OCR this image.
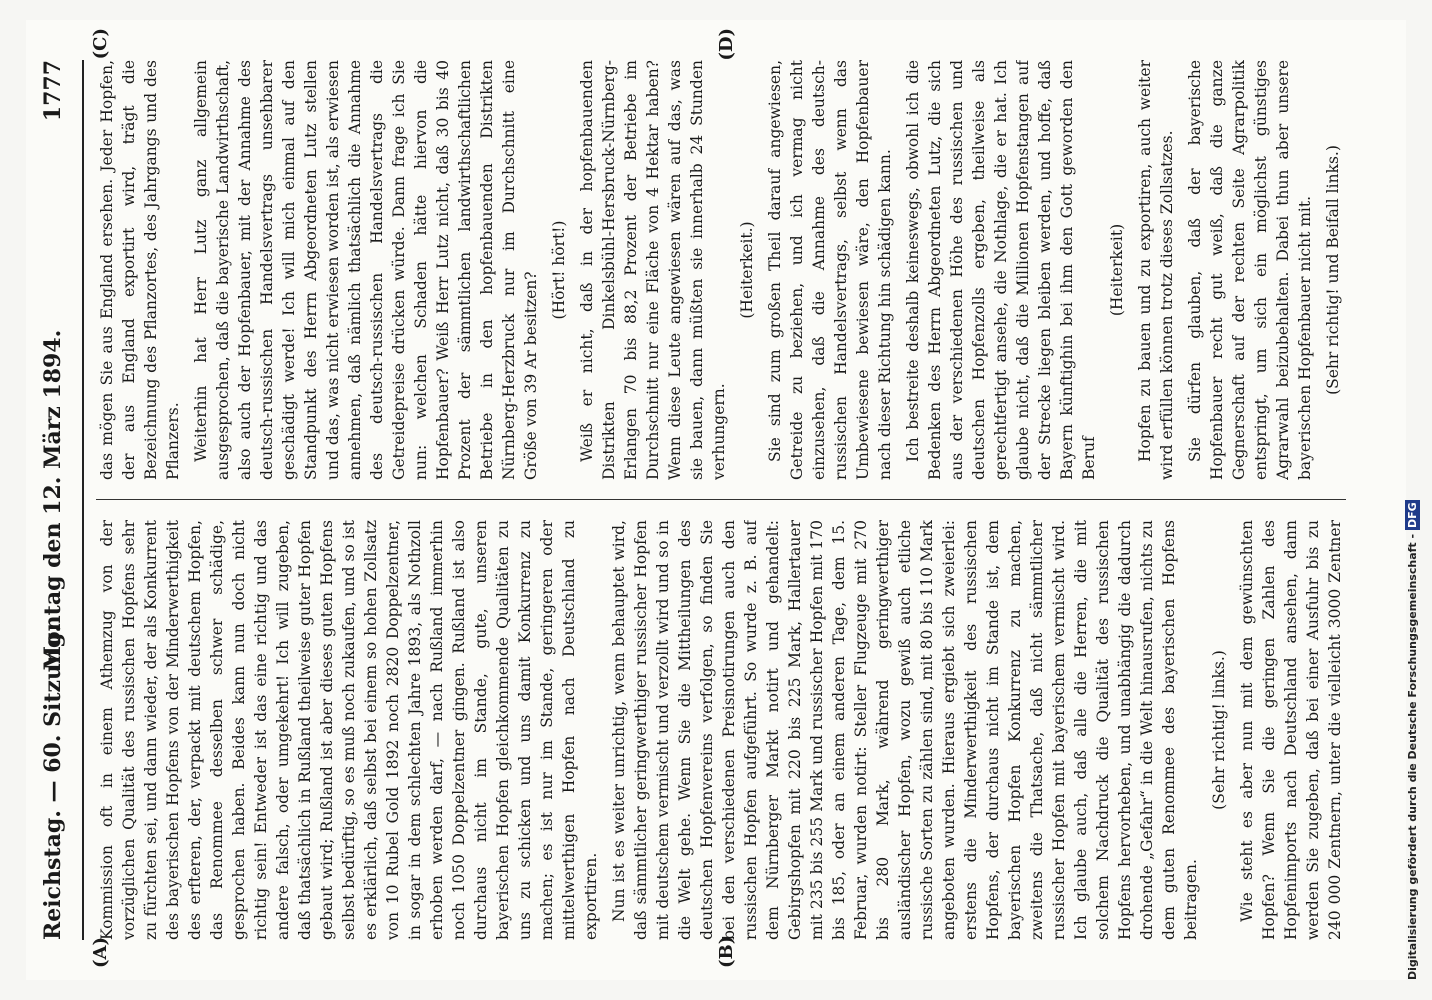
Reichstag. — 60. Sitzung.
Montag den 12. März 1894.
1777
(A)	(B)
(C)	(D)

Kommission oft in einem Athemzug von der vorzüglichen Qualität des russischen Hopfens sehr zu fürchten sei, und dann wieder, der als Konkurrent des bayerischen Hopfens von der Minderwerthigkeit des erfteren, der, verpackt mit deutschem Hopfen, das Renommee desselben schwer schädige, gesprochen haben. Beides kann nun doch nicht richtig sein! Entweder ist das eine richtig und das andere falsch, oder umgekehrt! Ich will zugeben, daß thatsächlich in Rußland theilweise guter Hopfen gebaut wird; Rußland ist aber dieses guten Hopfens selbst bedürftig, so es muß noch zukaufen, und so ist es erklärlich, daß selbst bei einem so hohen Zollsatz von 10 Rubel Gold 1892 noch 2820 Doppelzentner, in sogar in dem schlechten Jahre 1893, als Nothzoll erhoben werden darf, — nach Rußland immerhin noch 1050 Doppelzentner gingen. Rußland ist also durchaus nicht im Stande, gute, unseren bayerischen Hopfen gleichkommende Qualitäten zu uns zu schicken und uns damit Konkurrenz zu machen; es ist nur im Stande, geringeren oder mittelwerthigen Hopfen nach Deutschland zu exportiren. Nun ist es weiter unrichtig, wenn behauptet wird, daß sämmtlicher geringwerthiger russischer Hopfen mit deutschem vermischt und verzollt wird und so in die Welt gehe. Wenn Sie die Mittheilungen des deutschen Hopfenvereins verfolgen, so finden Sie bei den verschiedenen Preisnotirungen auch den russischen Hopfen aufgeführt. So wurde z. B. auf dem Nürnberger Markt notirt und gehandelt: Gebirgshopfen mit 220 bis 225 Mark, Hallertauer mit 235 bis 255 Mark und russischer Hopfen mit 170 bis 185, oder an einem anderen Tage, dem 15. Februar, wurden notirt: Steller Flugzeuge mit 270 bis 280 Mark, während geringwerthiger ausländischer Hopfen, wozu gewiß auch etliche russische Sorten zu zählen sind, mit 80 bis 110 Mark angeboten wurden. Hieraus ergiebt sich zweierlei: erstens die Minderwerthigkeit des russischen Hopfens, der durchaus nicht im Stande ist, dem bayerischen Hopfen Konkurrenz zu machen, zweitens die Thatsache, daß nicht sämmtlicher russischer Hopfen mit bayerischem vermischt wird. Ich glaube auch, daß alle die Herren, die mit solchem Nachdruck die Qualität des russischen Hopfens hervorheben, und unabhängig die dadurch drohende „Gefahr“ in die Welt hinausrufen, nichts zu dem guten Renommee des bayerischen Hopfens beitragen.

(Sehr richtig! links.)

Wie steht es aber nun mit dem gewünschten Hopfen? Wenn Sie die geringen Zahlen des Hopfenimports nach Deutschland ansehen, dann werden Sie zugeben, daß bei einer Ausfuhr bis zu 240 000 Zentnern, unter die vielleicht 3000 Zentner

das mögen Sie aus England ersehen. Jeder Hopfen, der aus England exportirt wird, trägt die Bezeichnung des Pflanzortes, des Jahrgangs und des Pflanzers. Weiterhin hat Herr Lutz ganz allgemein ausgesprochen, daß die bayerische Landwirthschaft, also auch der Hopfenbauer, mit der Annahme des deutsch-russischen Handelsvertrags unsehbarer geschädigt werde! Ich will mich einmal auf den Standpunkt des Herrn Abgeordneten Lutz stellen und das, was nicht erwiesen worden ist, als erwiesen annehmen, daß nämlich thatsächlich die Annahme des deutsch-russischen Handelsvertrags die Getreidepreise drücken würde. Dann frage ich Sie nun: welchen Schaden hätte hiervon die Hopfenbauer? Weiß Herr Lutz nicht, daß 30 bis 40 Prozent der sämmtlichen landwirthschaftlichen Betriebe in den hopfenbauenden Distrikten Nürnberg-Herzbruck nur im Durchschnitt eine Größe von 39 Ar besitzen?

(Hört! hört!) Weiß er nicht, daß in der hopfenbauenden Distrikten Dinkelsbühl-Hersbruck-Nürnberg-Erlangen 70 bis 88,2 Prozent der Betriebe im Durchschnitt nur eine Fläche von 4 Hektar haben? Wenn diese Leute angewiesen wären auf das, was sie bauen, dann müßten sie innerhalb 24 Stunden verhungern.

(Heiterkeit.) Sie sind zum großen Theil darauf angewiesen, Getreide zu beziehen, und ich vermag nicht einzusehen, daß die Annahme des deutsch-russischen Handelsvertrags, selbst wenn das Umbewiesene bewiesen wäre, den Hopfenbauer nach dieser Richtung hin schädigen kann. Ich bestreite deshalb keineswegs, obwohl ich die Bedenken des Herrn Abgeordneten Lutz, die sich aus der verschiedenen Höhe des russischen und deutschen Hopfenzolls ergeben, theilweise als gerechtfertigt ansehe, die Nothlage, die er hat. Ich glaube nicht, daß die Millionen Hopfenstangen auf der Strecke liegen bleiben werden, und hoffe, daß Bayern künftighin bei ihm den Gott geworden den Beruf

(Heiterkeit) Hopfen zu bauen und zu exportiren, auch weiter wird erfüllen können trotz dieses Zollsatzes. Sie dürfen glauben, daß der bayerische Hopfenbauer recht gut weiß, daß die ganze Gegnerschaft auf der rechten Seite Agrarpolitik entspringt, um sich ein möglichst günstiges Agrarwahl beizubehalten. Dabei thun aber unsere bayerischen Hopfenbauer nicht mit. (Sehr richtig! und Beifall links.)

Digitalisierung gefördert durch die Deutsche Forschungsgemeinschaft - DFG
